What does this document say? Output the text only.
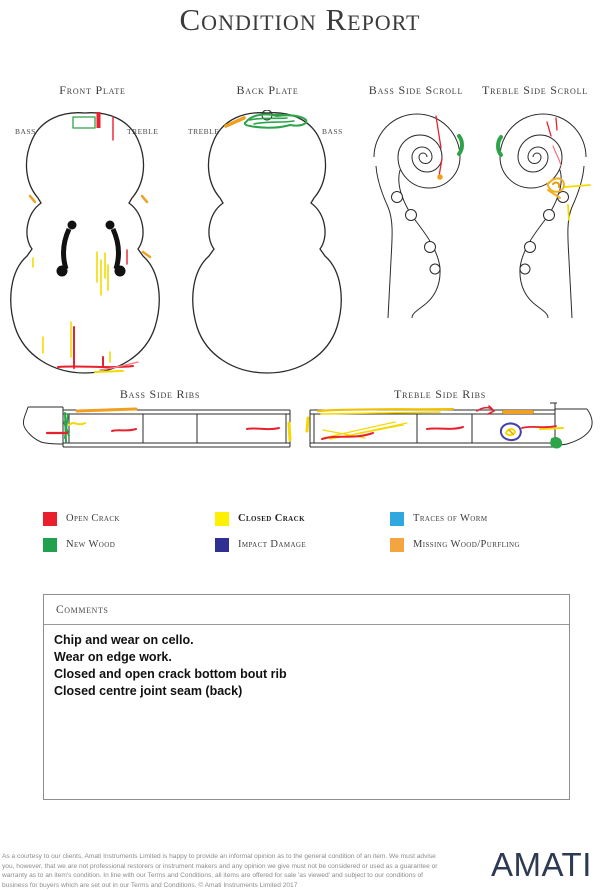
Condition Report
Front Plate	Back Plate	Bass Side Scroll	Treble Side Scroll
BASS	TREBLE	TREBLE	BASS
Bass Side Ribs	Treble Side Ribs
Open Crack	Closed Crack	Traces of Worm
New Wood	Impact Damage	Missing Wood/Purfling
Comments
Chip and wear on cello.
Wear on edge work.
Closed and open crack bottom bout rib
Closed centre joint seam (back)
As a courtesy to our clients, Amati Instruments Limited is happy to provide an informal opinion as to the general condition of an item. We must advise you, however, that we are not professional restorers or instrument makers and any opinion we give must not be considered or used as a guarantee or warranty as to an item's condition. In line with our Terms and Conditions, all items are offered for sale 'as viewed' and subject to our conditions of business for buyers which are set out in our Terms and Conditions. © Amati Instruments Limited 2017
AMATI
